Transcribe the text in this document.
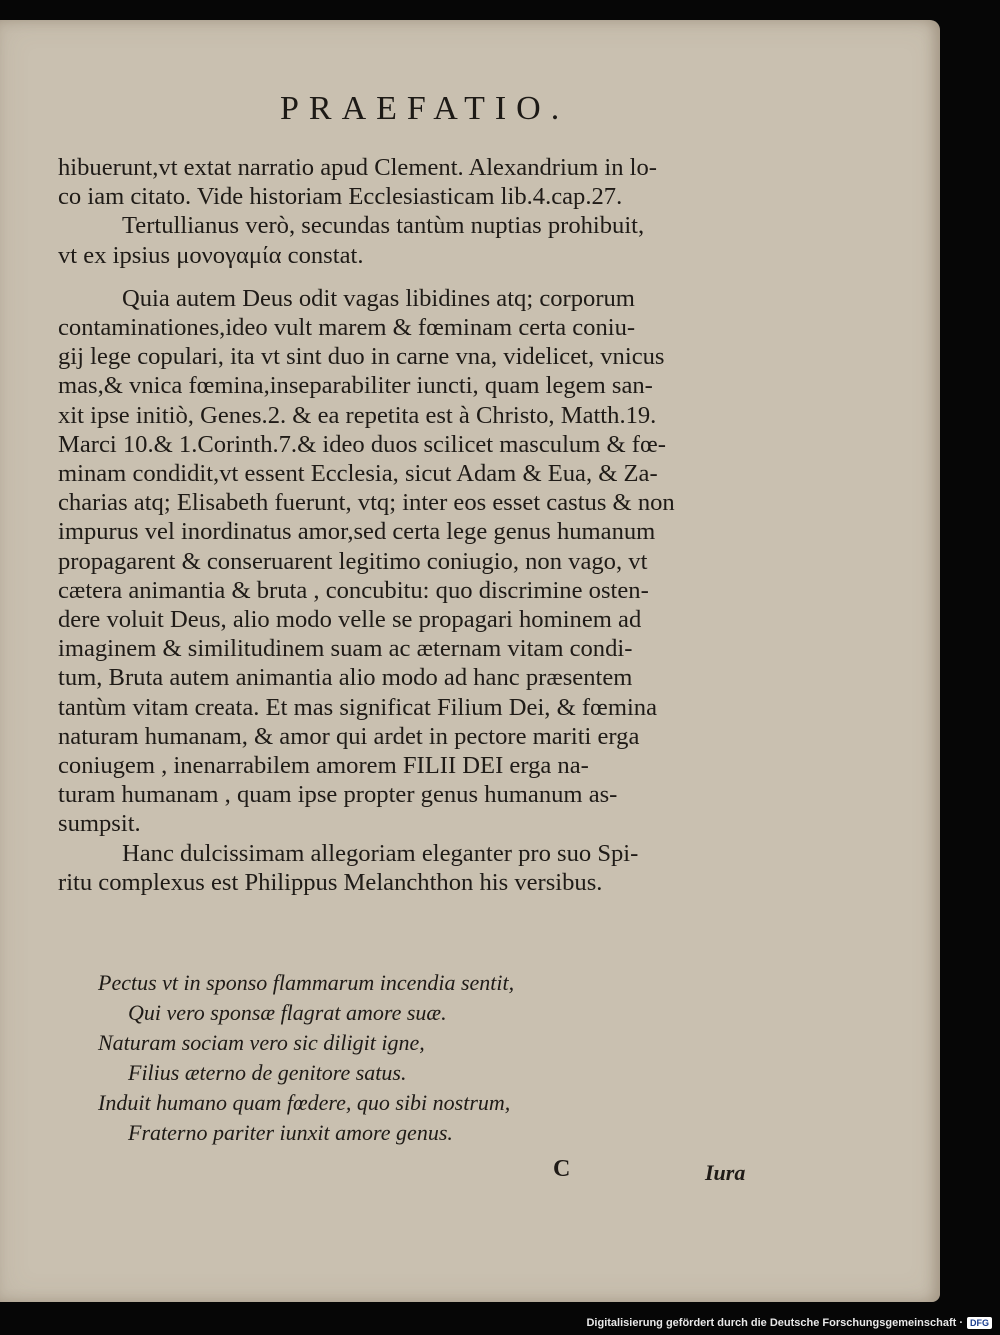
PRAEFATIO.
hibuerunt,vt extat narratio apud Clement. Alexandrium in lo-
co iam citato. Vide historiam Ecclesiasticam lib.4.cap.27.
Tertullianus verò, secundas tantùm nuptias prohibuit,
vt ex ipsius μονογαμία constat.
Quia autem Deus odit vagas libidines atq; corporum
contaminationes,ideo vult marem & fœminam certa coniu-
gij lege copulari, ita vt sint duo in carne vna, videlicet, vnicus
mas,& vnica fœmina,inseparabiliter iuncti, quam legem san-
xit ipse initiò, Genes.2. & ea repetita est à Christo, Matth.19.
Marci 10.& 1.Corinth.7.& ideo duos scilicet masculum & fœ-
minam condidit,vt essent Ecclesia, sicut Adam & Eua, & Za-
charias atq; Elisabeth fuerunt, vtq; inter eos esset castus & non
impurus vel inordinatus amor,sed certa lege genus humanum
propagarent & conseruarent legitimo coniugio, non vago, vt
cætera animantia & bruta , concubitu: quo discrimine osten-
dere voluit Deus, alio modo velle se propagari hominem ad
imaginem & similitudinem suam ac æternam vitam condi-
tum, Bruta autem animantia alio modo ad hanc præsentem
tantùm vitam creata. Et mas significat Filium Dei, & fœmina
naturam humanam, & amor qui ardet in pectore mariti erga
coniugem , inenarrabilem amorem FILII DEI erga na-
turam humanam , quam ipse propter genus humanum as-
sumpsit.
Hanc dulcissimam allegoriam eleganter pro suo Spi-
ritu complexus est Philippus Melanchthon his versibus.
Pectus vt in sponso flammarum incendia sentit,
Qui vero sponsæ flagrat amore suæ.
Naturam sociam vero sic diligit igne,
Filius æterno de genitore satus.
Induit humano quam fœdere, quo sibi nostrum,
Fraterno pariter iunxit amore genus.
C	Iura
Digitalisierung gefördert durch die Deutsche Forschungsgemeinschaft · DFG
